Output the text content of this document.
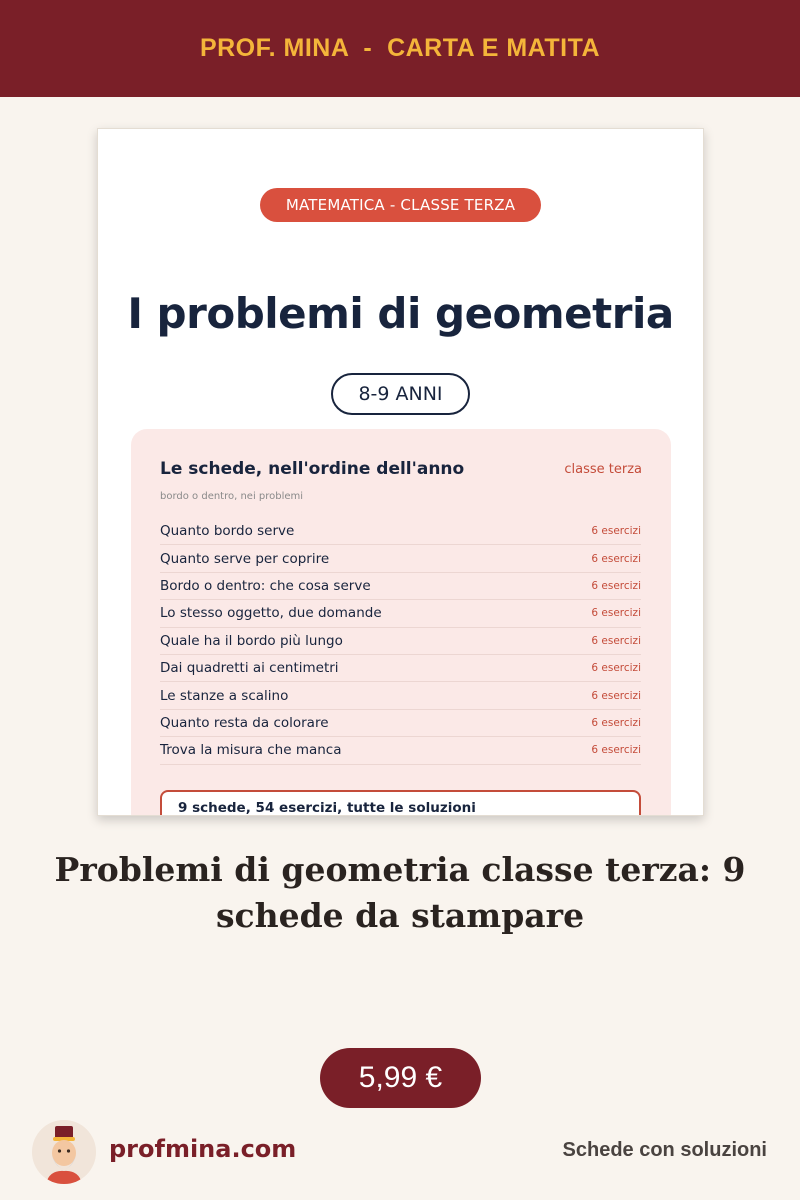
PROF. MINA  -  CARTA E MATITA
MATEMATICA - CLASSE TERZA
I problemi di geometria
8-9 ANNI
Le schede, nell'ordine dell'anno	classe terza
bordo o dentro, nei problemi
Quanto bordo serve	6 esercizi
Quanto serve per coprire	6 esercizi
Bordo o dentro: che cosa serve	6 esercizi
Lo stesso oggetto, due domande	6 esercizi
Quale ha il bordo più lungo	6 esercizi
Dai quadretti ai centimetri	6 esercizi
Le stanze a scalino	6 esercizi
Quanto resta da colorare	6 esercizi
Trova la misura che manca	6 esercizi
9 schede, 54 esercizi, tutte le soluzioni
Problemi di geometria classe terza: 9 schede da stampare
5,99 €
profmina.com	Schede con soluzioni
